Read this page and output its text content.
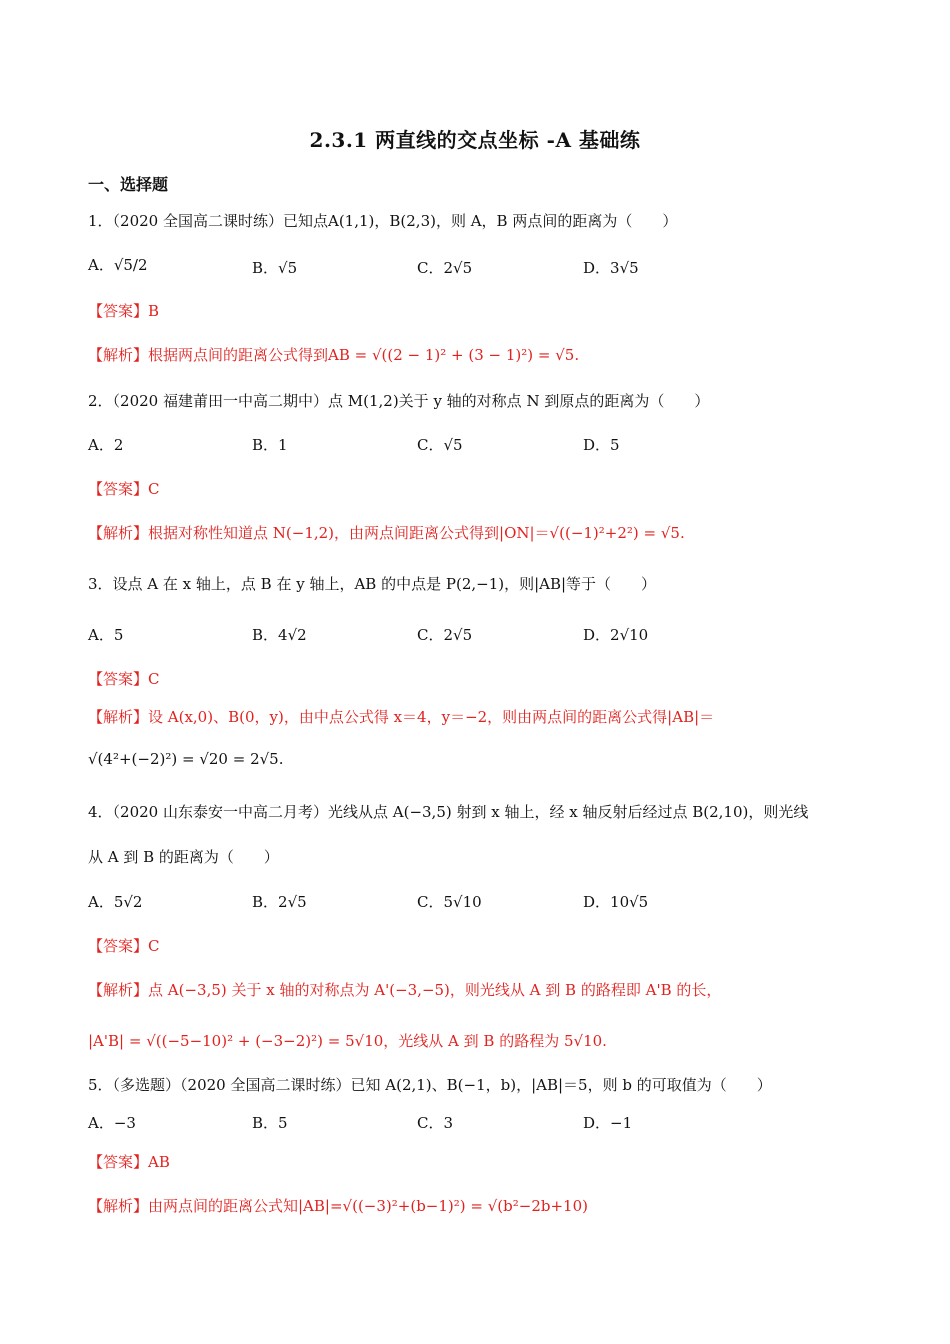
2.3.1 两直线的交点坐标 -A 基础练
一、选择题
1．（2020 全国高二课时练）已知点A(1,1)，B(2,3)，则 A，B 两点间的距离为（　　）
A．√5/2	B．√5	C．2√5	D．3√5
【答案】B
【解析】根据两点间的距离公式得到AB = √((2 − 1)² + (3 − 1)²) = √5.
2．（2020 福建莆田一中高二期中）点 M(1,2)关于 y 轴的对称点 N 到原点的距离为（　　）
A．2	B．1	C．√5	D．5
【答案】C
【解析】根据对称性知道点 N(−1,2)，由两点间距离公式得到|ON|＝√((−1)²+2²) = √5.
3．设点 A 在 x 轴上，点 B 在 y 轴上，AB 的中点是 P(2,−1)，则|AB|等于（　　）
A．5	B．4√2	C．2√5	D．2√10
【答案】C
【解析】设 A(x,0)、B(0，y)，由中点公式得 x＝4，y＝−2，则由两点间的距离公式得|AB|＝
√(4²+(−2)²) = √20 = 2√5.
4．（2020 山东泰安一中高二月考）光线从点 A(−3,5) 射到 x 轴上，经 x 轴反射后经过点 B(2,10)，则光线
从 A 到 B 的距离为（　　）
A．5√2	B．2√5	C．5√10	D．10√5
【答案】C
【解析】点 A(−3,5) 关于 x 轴的对称点为 A'(−3,−5)，则光线从 A 到 B 的路程即 A'B 的长，
|A'B| = √((−5−10)² + (−3−2)²) = 5√10，光线从 A 到 B 的路程为 5√10.
5．（多选题）（2020 全国高二课时练）已知 A(2,1)、B(−1，b)，|AB|＝5，则 b 的可取值为（　　）
A．−3	B．5	C．3	D．−1
【答案】AB
【解析】由两点间的距离公式知|AB|=√((−3)²+(b−1)²) = √(b²−2b+10)
